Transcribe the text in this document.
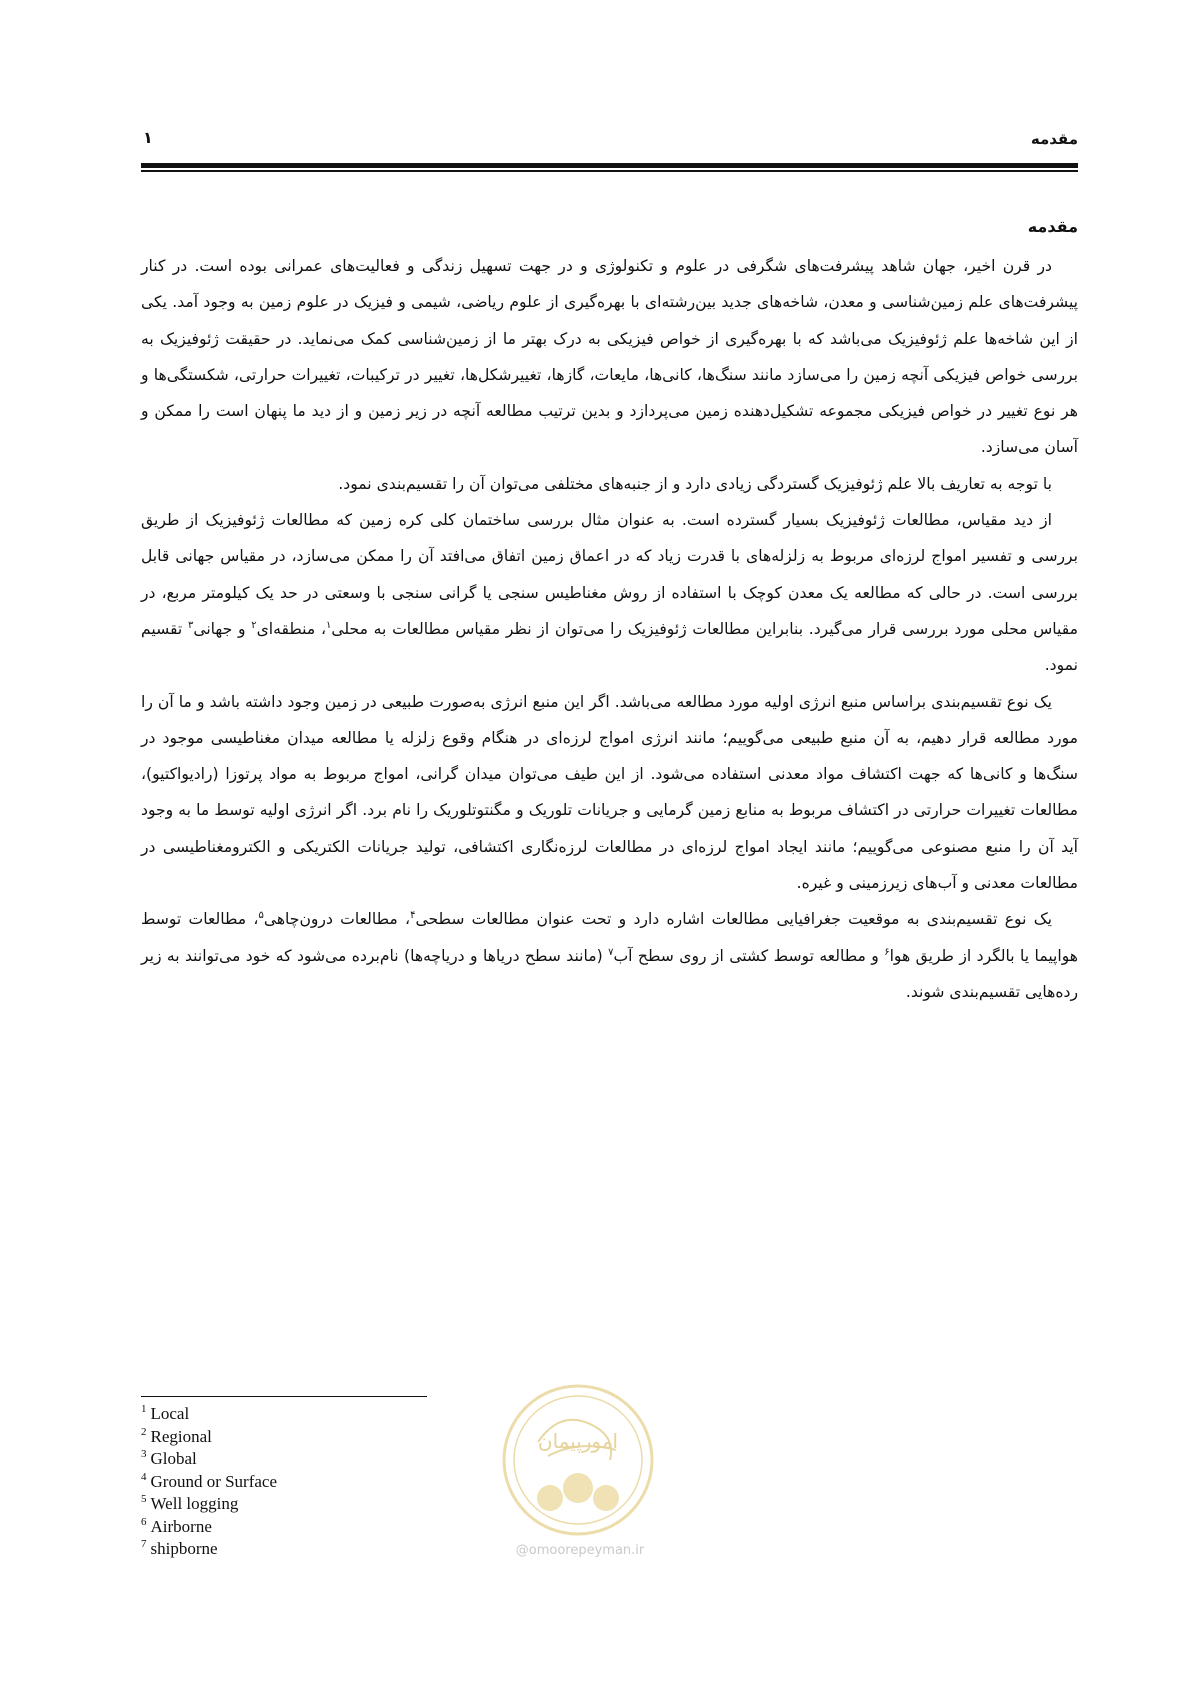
مقدمه
۱
مقدمه

در قرن اخیر، جهان شاهد پیشرفت‌های شگرفی در علوم و تکنولوژی و در جهت تسهیل زندگی و فعالیت‌های عمرانی بوده است. در کنار پیشرفت‌های علم زمین‌شناسی و معدن، شاخه‌های جدید بین‌رشته‌ای با بهره‌گیری از علوم ریاضی، شیمی و فیزیک در علوم زمین به وجود آمد. یکی از این شاخه‌ها علم ژئوفیزیک می‌باشد که با بهره‌گیری از خواص فیزیکی به درک بهتر ما از زمین‌شناسی کمک می‌نماید. در حقیقت ژئوفیزیک به بررسی خواص فیزیکی آنچه زمین را می‌سازد مانند سنگ‌ها، کانی‌ها، مایعات، گازها، تغییرشکل‌ها، تغییر در ترکیبات، تغییرات حرارتی، شکستگی‌ها و هر نوع تغییر در خواص فیزیکی مجموعه تشکیل‌دهنده زمین می‌پردازد و بدین ترتیب مطالعه آنچه در زیر زمین و از دید ما پنهان است را ممکن و آسان می‌سازد.

با توجه به تعاریف بالا علم ژئوفیزیک گستردگی زیادی دارد و از جنبه‌های مختلفی می‌توان آن را تقسیم‌بندی نمود.

از دید مقیاس، مطالعات ژئوفیزیک بسیار گسترده است. به عنوان مثال بررسی ساختمان کلی کره زمین که مطالعات ژئوفیزیک از طریق بررسی و تفسیر امواج لرزه‌ای مربوط به زلزله‌های با قدرت زیاد که در اعماق زمین اتفاق می‌افتد آن را ممکن می‌سازد، در مقیاس جهانی قابل بررسی است. در حالی که مطالعه یک معدن کوچک با استفاده از روش مغناطیس سنجی یا گرانی سنجی با وسعتی در حد یک کیلومتر مربع، در مقیاس محلی مورد بررسی قرار می‌گیرد. بنابراین مطالعات ژئوفیزیک را می‌توان از نظر مقیاس مطالعات به محلی$^۱$، منطقه‌ای$^۲$ و جهانی$^۳$ تقسیم نمود.

یک نوع تقسیم‌بندی براساس منبع انرژی اولیه مورد مطالعه می‌باشد. اگر این منبع انرژی به‌صورت طبیعی در زمین وجود داشته باشد و ما آن را مورد مطالعه قرار دهیم، به آن منبع طبیعی می‌گوییم؛ مانند انرژی امواج لرزه‌ای در هنگام وقوع زلزله یا مطالعه میدان مغناطیسی موجود در سنگ‌ها و کانی‌ها که جهت اکتشاف مواد معدنی استفاده می‌شود. از این طیف می‌توان میدان گرانی، امواج مربوط به مواد پرتوزا (رادیواکتیو)، مطالعات تغییرات حرارتی در اکتشاف مربوط به منابع زمین گرمایی و جریانات تلوریک و مگنتوتلوریک را نام برد. اگر انرژی اولیه توسط ما به وجود آید آن را منبع مصنوعی می‌گوییم؛ مانند ایجاد امواج لرزه‌ای در مطالعات لرزه‌نگاری اکتشافی، تولید جریانات الکتریکی و الکترومغناطیسی در مطالعات معدنی و آب‌های زیرزمینی و غیره.

یک نوع تقسیم‌بندی به موقعیت جغرافیایی مطالعات اشاره دارد و تحت عنوان مطالعات سطحی$^۴$، مطالعات درون‌چاهی$^۵$، مطالعات توسط هواپیما یا بالگرد از طریق هوا$^۶$ و مطالعه توسط کشتی از روی سطح آب$^۷$ (مانند سطح دریاها و دریاچه‌ها) نام‌برده می‌شود که خود می‌توانند به زیر رده‌هایی تقسیم‌بندی شوند.

$^1$ Local
$^2$ Regional
$^3$ Global
$^4$ Ground or Surface
$^5$ Well logging
$^6$ Airborne
$^7$ shipborne
امورپیمان
@omoorepeyman.ir
